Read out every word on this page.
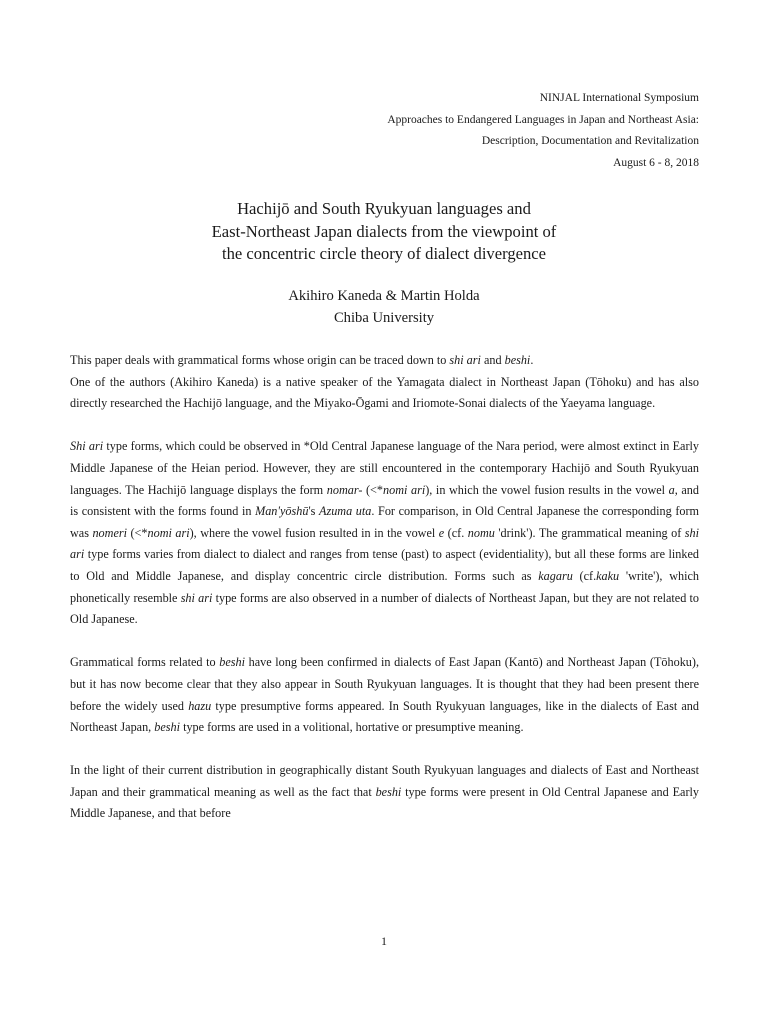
NINJAL International Symposium
Approaches to Endangered Languages in Japan and Northeast Asia:
Description, Documentation and Revitalization
August 6 - 8, 2018
Hachijō and South Ryukyuan languages and
East-Northeast Japan dialects from the viewpoint of
the concentric circle theory of dialect divergence
Akihiro Kaneda & Martin Holda
Chiba University

This paper deals with grammatical forms whose origin can be traced down to shi ari and beshi.

One of the authors (Akihiro Kaneda) is a native speaker of the Yamagata dialect in Northeast Japan (Tōhoku) and has also directly researched the Hachijō language, and the Miyako-Ōgami and Iriomote-Sonai dialects of the Yaeyama language.

Shi ari type forms, which could be observed in *Old Central Japanese language of the Nara period, were almost extinct in Early Middle Japanese of the Heian period. However, they are still encountered in the contemporary Hachijō and South Ryukyuan languages. The Hachijō language displays the form nomar- (<*nomi ari), in which the vowel fusion results in the vowel a, and is consistent with the forms found in Man'yōshū's Azuma uta. For comparison, in Old Central Japanese the corresponding form was nomeri (<*nomi ari), where the vowel fusion resulted in in the vowel e (cf. nomu 'drink'). The grammatical meaning of shi ari type forms varies from dialect to dialect and ranges from tense (past) to aspect (evidentiality), but all these forms are linked to Old and Middle Japanese, and display concentric circle distribution. Forms such as kagaru (cf.kaku 'write'), which phonetically resemble shi ari type forms are also observed in a number of dialects of Northeast Japan, but they are not related to Old Japanese.

Grammatical forms related to beshi have long been confirmed in dialects of East Japan (Kantō) and Northeast Japan (Tōhoku), but it has now become clear that they also appear in South Ryukyuan languages. It is thought that they had been present there before the widely used hazu type presumptive forms appeared. In South Ryukyuan languages, like in the dialects of East and Northeast Japan, beshi type forms are used in a volitional, hortative or presumptive meaning.

In the light of their current distribution in geographically distant South Ryukyuan languages and dialects of East and Northeast Japan and their grammatical meaning as well as the fact that beshi type forms were present in Old Central Japanese and Early Middle Japanese, and that before

1
